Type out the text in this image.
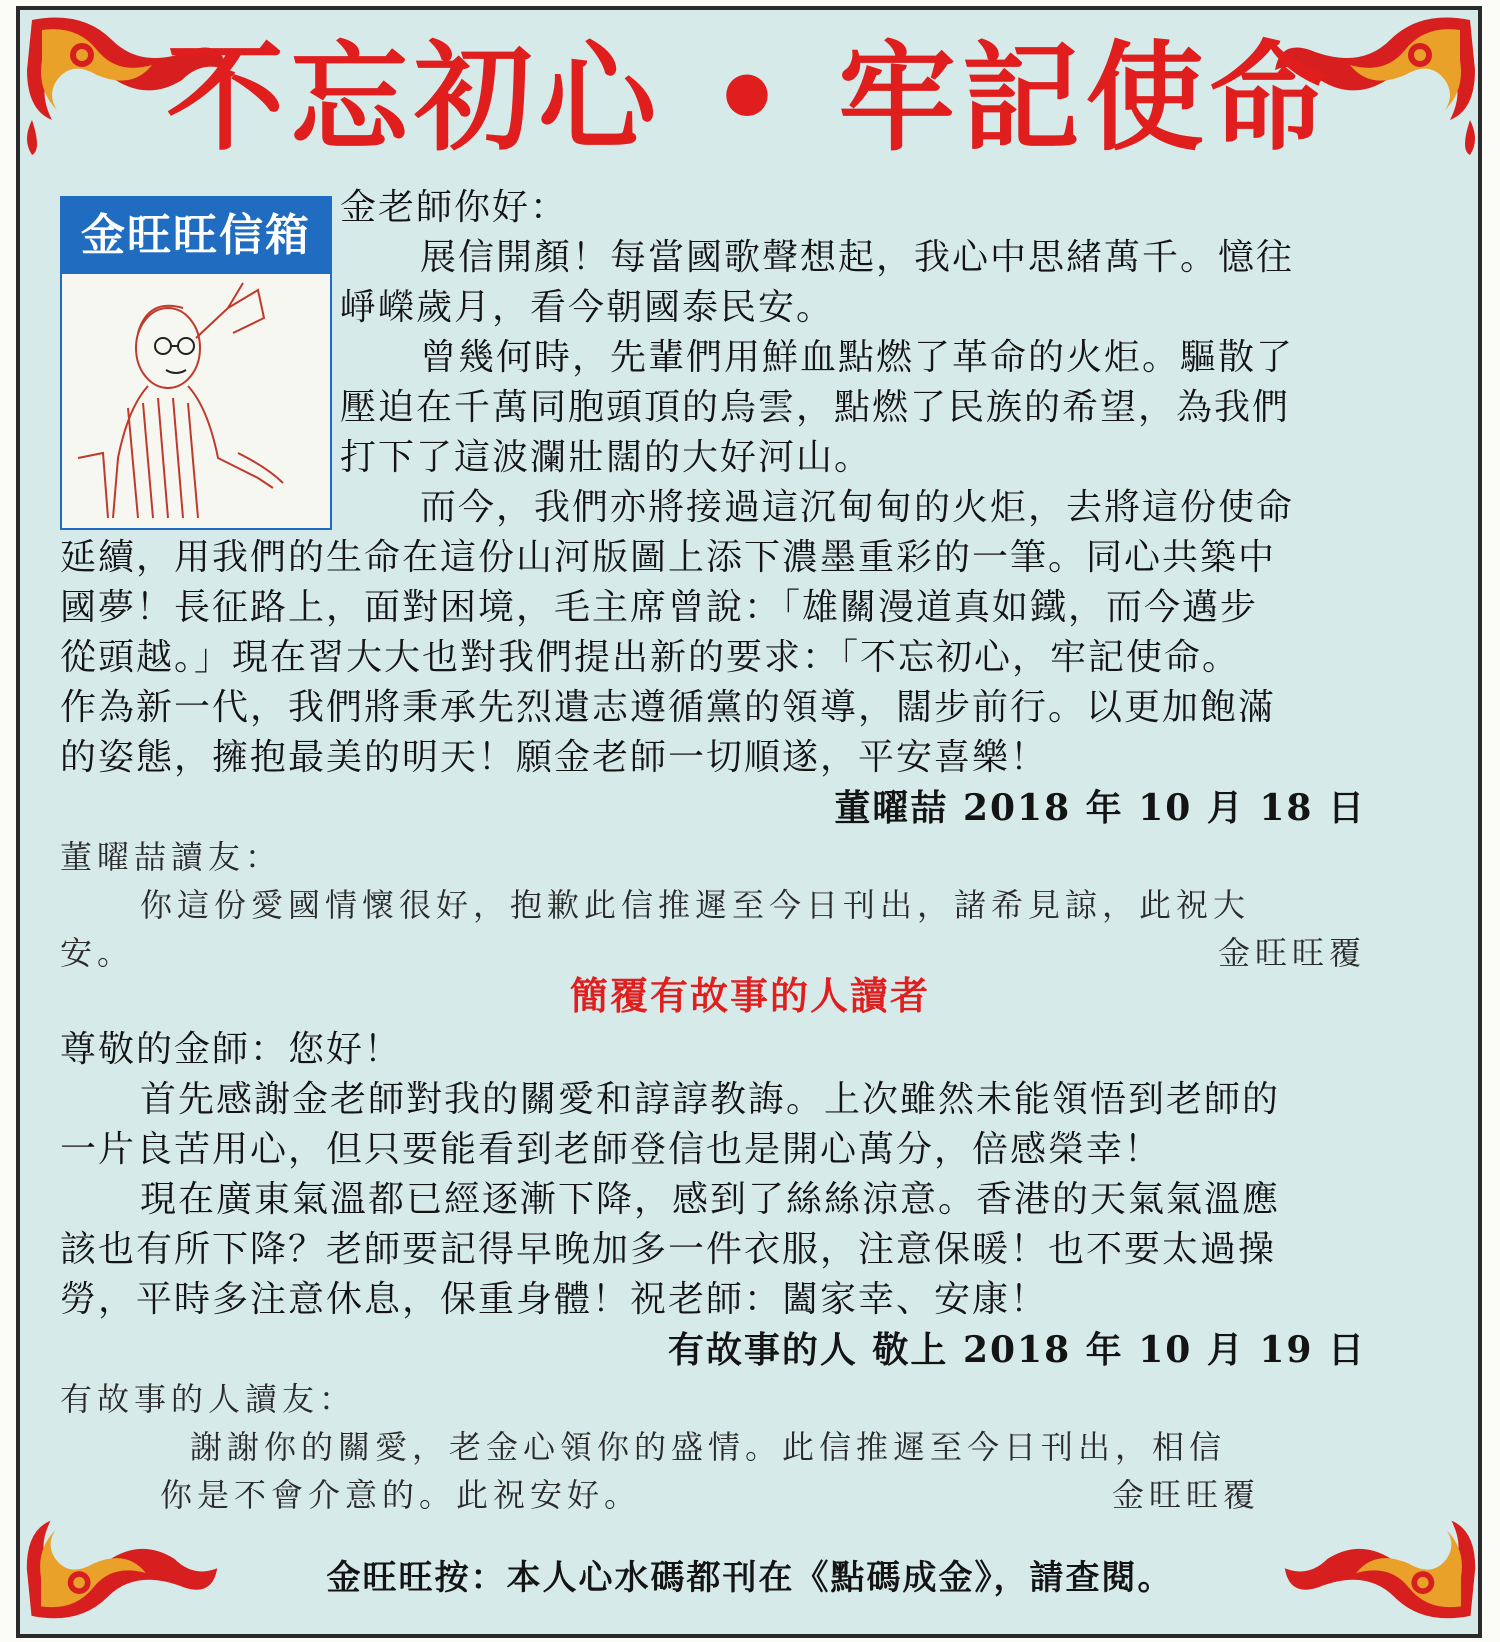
不忘初心 • 牢記使命
金旺旺信箱
金老師你好：
展信開顏！每當國歌聲想起，我心中思緒萬千。憶往
崢嶸歲月，看今朝國泰民安。
曾幾何時，先輩們用鮮血點燃了革命的火炬。驅散了
壓迫在千萬同胞頭頂的烏雲，點燃了民族的希望，為我們
打下了這波瀾壯闊的大好河山。
而今，我們亦將接過這沉甸甸的火炬，去將這份使命
延續，用我們的生命在這份山河版圖上添下濃墨重彩的一筆。同心共築中
國夢！長征路上，面對困境，毛主席曾說：「雄關漫道真如鐵，而今邁步
從頭越。」現在習大大也對我們提出新的要求：「不忘初心，牢記使命。
作為新一代，我們將秉承先烈遺志遵循黨的領導，闊步前行。以更加飽滿
的姿態，擁抱最美的明天！願金老師一切順遂，平安喜樂！
董曜喆 2018 年 10 月 18 日
董曜喆讀友：
你這份愛國情懷很好，抱歉此信推遲至今日刊出，諸希見諒，此祝大
安。	金旺旺覆
簡覆有故事的人讀者
尊敬的金師：您好！
首先感謝金老師對我的關愛和諄諄教誨。上次雖然未能領悟到老師的
一片良苦用心，但只要能看到老師登信也是開心萬分，倍感榮幸！
現在廣東氣溫都已經逐漸下降，感到了絲絲涼意。香港的天氣氣溫應
該也有所下降？老師要記得早晚加多一件衣服，注意保暖！也不要太過操
勞，平時多注意休息，保重身體！祝老師：闔家幸、安康！
有故事的人 敬上 2018 年 10 月 19 日
有故事的人讀友：
謝謝你的關愛，老金心領你的盛情。此信推遲至今日刊出，相信
你是不會介意的。此祝安好。	金旺旺覆
金旺旺按：本人心水碼都刊在《點碼成金》，請查閱。
